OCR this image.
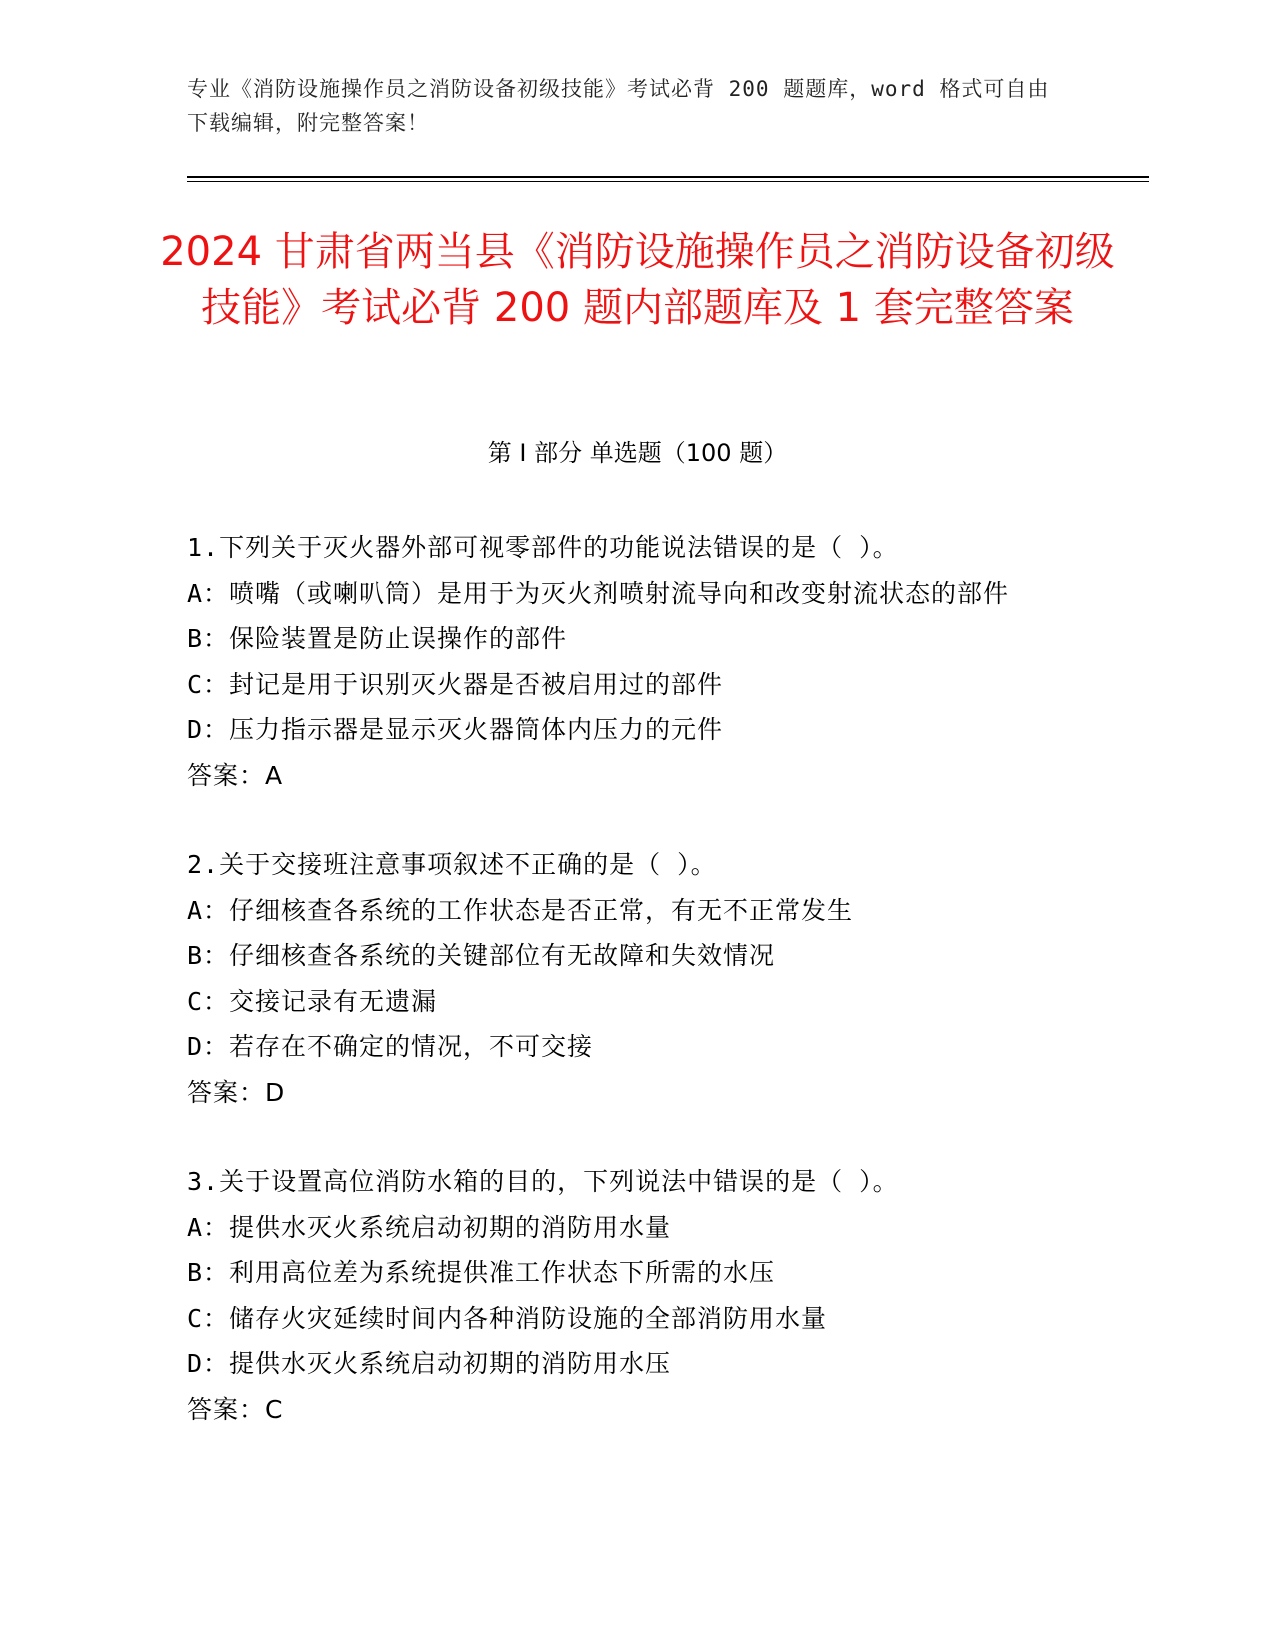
专业《消防设施操作员之消防设备初级技能》考试必背 200 题题库，word 格式可自由下载编辑，附完整答案！
2024 甘肃省两当县《消防设施操作员之消防设备初级技能》考试必背 200 题内部题库及 1 套完整答案
第 I 部分 单选题（100 题）

1.下列关于灭火器外部可视零部件的功能说法错误的是（ ）。

A：喷嘴（或喇叭筒）是用于为灭火剂喷射流导向和改变射流状态的部件

B：保险装置是防止误操作的部件

C：封记是用于识别灭火器是否被启用过的部件

D：压力指示器是显示灭火器筒体内压力的元件

答案：A

2.关于交接班注意事项叙述不正确的是（ ）。

A：仔细核查各系统的工作状态是否正常，有无不正常发生

B：仔细核查各系统的关键部位有无故障和失效情况

C：交接记录有无遗漏

D：若存在不确定的情况，不可交接

答案：D

3.关于设置高位消防水箱的目的，下列说法中错误的是（ ）。

A：提供水灭火系统启动初期的消防用水量

B：利用高位差为系统提供准工作状态下所需的水压

C：储存火灾延续时间内各种消防设施的全部消防用水量

D：提供水灭火系统启动初期的消防用水压

答案：C
